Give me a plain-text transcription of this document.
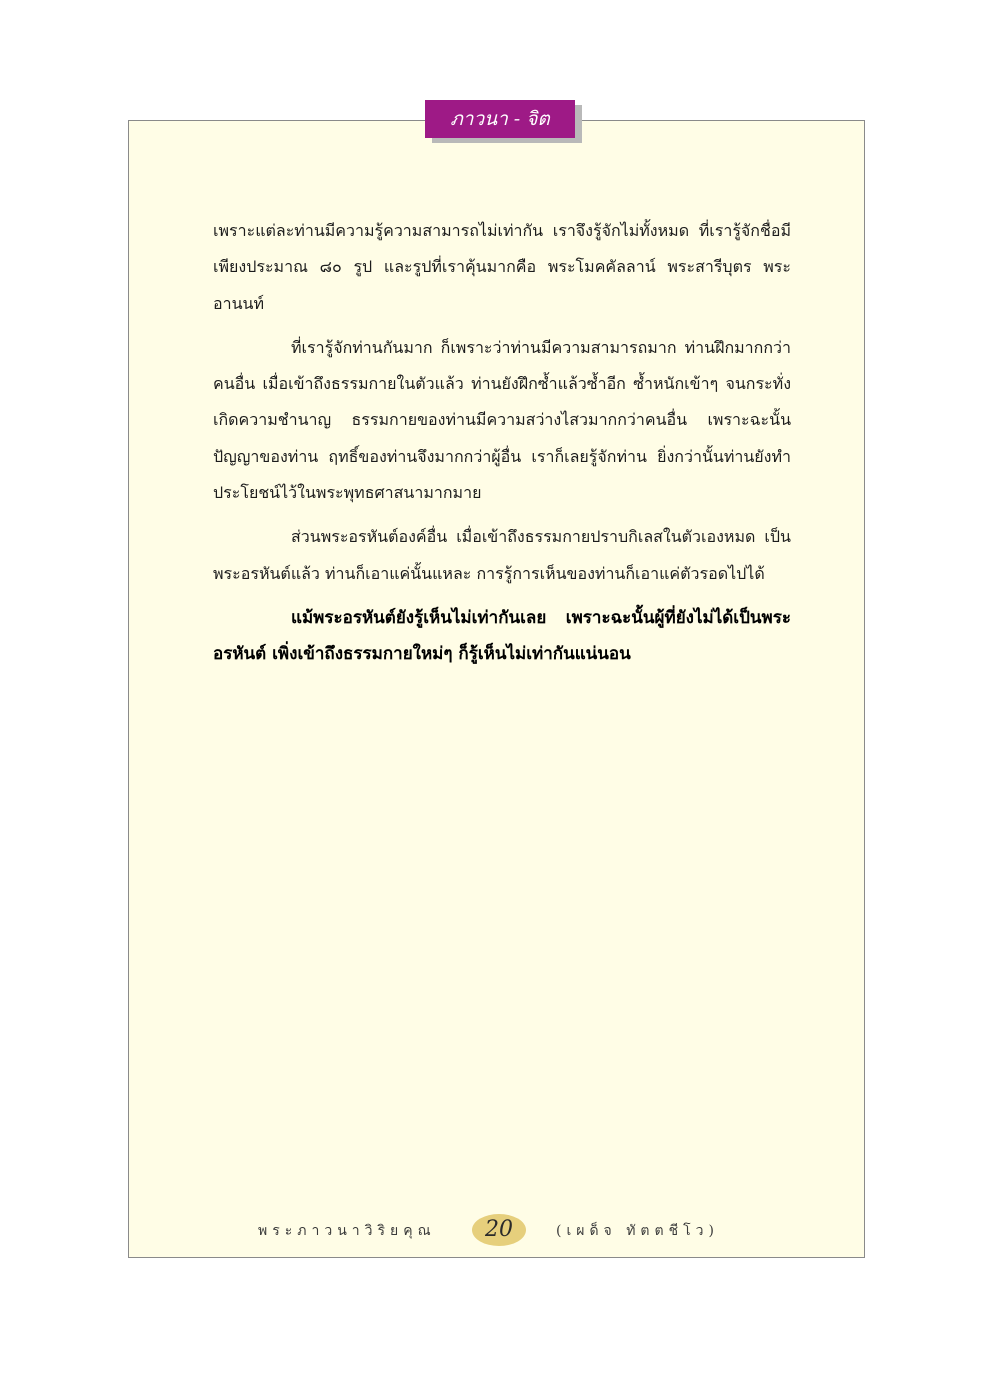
ภาวนา - จิต

เพราะแต่ละท่านมีความรู้ความสามารถไม่เท่ากัน เราจึงรู้จักไม่ทั้งหมด ที่เรารู้จักชื่อมีเพียงประมาณ ๘๐ รูป และรูปที่เราคุ้นมากคือ พระโมคคัลลาน์ พระสารีบุตร พระอานนท์

ที่เรารู้จักท่านกันมาก ก็เพราะว่าท่านมีความสามารถมาก ท่านฝึกมากกว่าคนอื่น เมื่อเข้าถึงธรรมกายในตัวแล้ว ท่านยังฝึกซ้ำแล้วซ้ำอีก ซ้ำหนักเข้าๆ จนกระทั่งเกิดความชำนาญ ธรรมกายของท่านมีความสว่างไสวมากกว่าคนอื่น เพราะฉะนั้นปัญญาของท่าน ฤทธิ์ของท่านจึงมากกว่าผู้อื่น เราก็เลยรู้จักท่าน ยิ่งกว่านั้นท่านยังทำประโยชน์ไว้ในพระพุทธศาสนามากมาย

ส่วนพระอรหันต์องค์อื่น เมื่อเข้าถึงธรรมกายปราบกิเลสในตัวเองหมด เป็นพระอรหันต์แล้ว ท่านก็เอาแค่นั้นแหละ การรู้การเห็นของท่านก็เอาแค่ตัวรอดไปได้

แม้พระอรหันต์ยังรู้เห็นไม่เท่ากันเลย เพราะฉะนั้นผู้ที่ยังไม่ได้เป็นพระอรหันต์ เพิ่งเข้าถึงธรรมกายใหม่ๆ ก็รู้เห็นไม่เท่ากันแน่นอน

พระภาวนาวิริยคุณ	20	(เผด็จ ทัตตชีโว)
